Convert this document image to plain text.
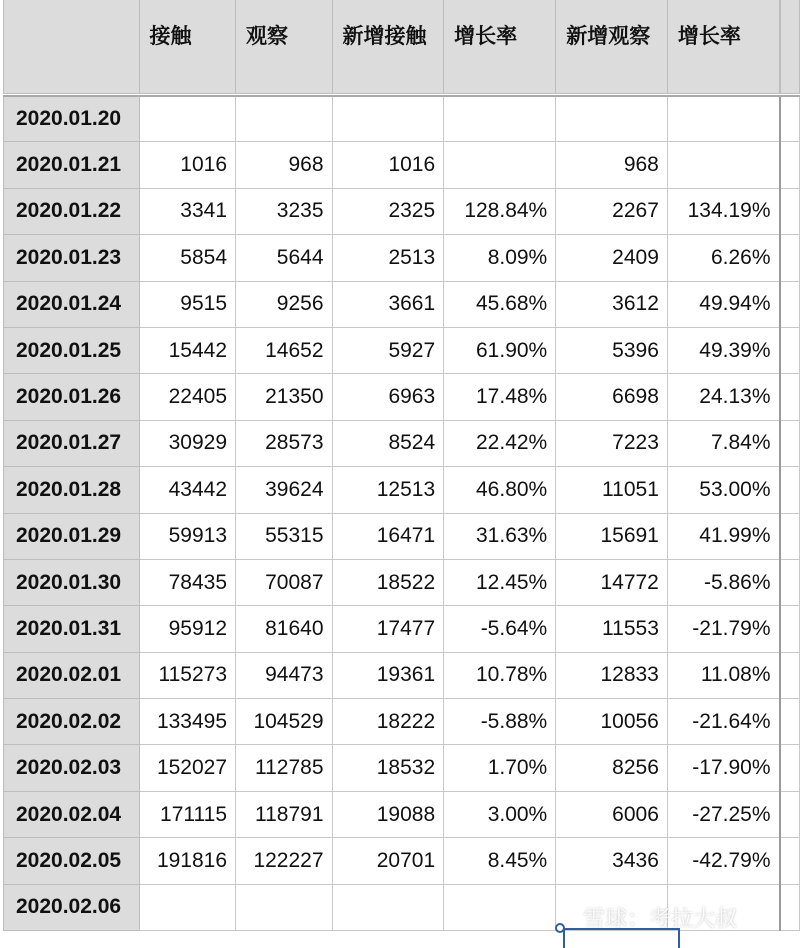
	接触	观察	新增接触	增长率	新增观察	增长率	

2020.01.20							
2020.01.21	1016	968	1016		968		
2020.01.22	3341	3235	2325	128.84%	2267	134.19%	
2020.01.23	5854	5644	2513	8.09%	2409	6.26%	
2020.01.24	9515	9256	3661	45.68%	3612	49.94%	
2020.01.25	15442	14652	5927	61.90%	5396	49.39%	
2020.01.26	22405	21350	6963	17.48%	6698	24.13%	
2020.01.27	30929	28573	8524	22.42%	7223	7.84%	
2020.01.28	43442	39624	12513	46.80%	11051	53.00%	
2020.01.29	59913	55315	16471	31.63%	15691	41.99%	
2020.01.30	78435	70087	18522	12.45%	14772	-5.86%	
2020.01.31	95912	81640	17477	-5.64%	11553	-21.79%	
2020.02.01	115273	94473	19361	10.78%	12833	11.08%	
2020.02.02	133495	104529	18222	-5.88%	10056	-21.64%	
2020.02.03	152027	112785	18532	1.70%	8256	-17.90%	
2020.02.04	171115	118791	19088	3.00%	6006	-27.25%	
2020.02.05	191816	122227	20701	8.45%	3436	-42.79%	
2020.02.06							
雪球：考拉大叔
